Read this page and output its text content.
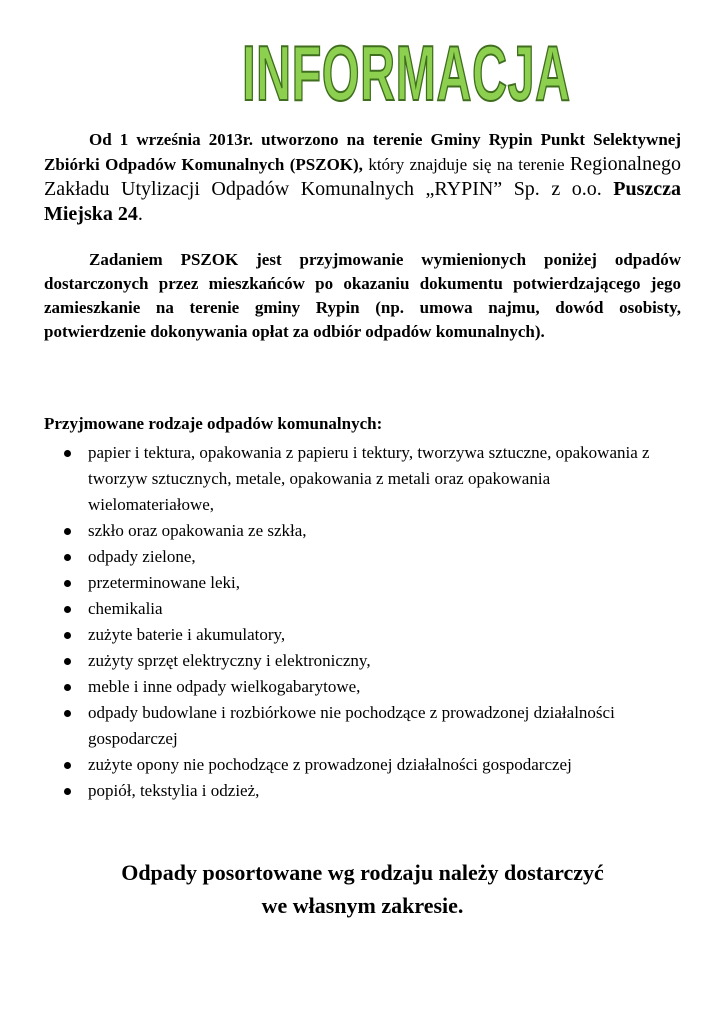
INFORMACJA
Od 1 września 2013r. utworzono na terenie Gminy Rypin Punkt Selektywnej Zbiórki Odpadów Komunalnych (PSZOK), który znajduje się na terenie Regionalnego Zakładu Utylizacji Odpadów Komunalnych „RYPIN” Sp. z o.o. Puszcza Miejska 24.
Zadaniem PSZOK jest przyjmowanie wymienionych poniżej odpadów dostarczonych przez mieszkańców po okazaniu dokumentu potwierdzającego jego zamieszkanie na terenie gminy Rypin (np. umowa najmu, dowód osobisty, potwierdzenie dokonywania opłat za odbiór odpadów komunalnych).
Przyjmowane rodzaje odpadów komunalnych:
papier i tektura, opakowania z papieru i tektury, tworzywa sztuczne, opakowania z tworzyw sztucznych, metale, opakowania z metali oraz opakowania wielomateriałowe,
szkło oraz opakowania ze szkła,
odpady zielone,
przeterminowane leki,
chemikalia
zużyte baterie i akumulatory,
zużyty sprzęt elektryczny i elektroniczny,
meble i inne odpady wielkogabarytowe,
odpady budowlane i rozbiórkowe nie pochodzące z prowadzonej działalności gospodarczej
zużyte opony nie pochodzące z prowadzonej działalności gospodarczej
popiół, tekstylia i odzież,
Odpady posortowane wg rodzaju należy dostarczyć
we własnym zakresie.
